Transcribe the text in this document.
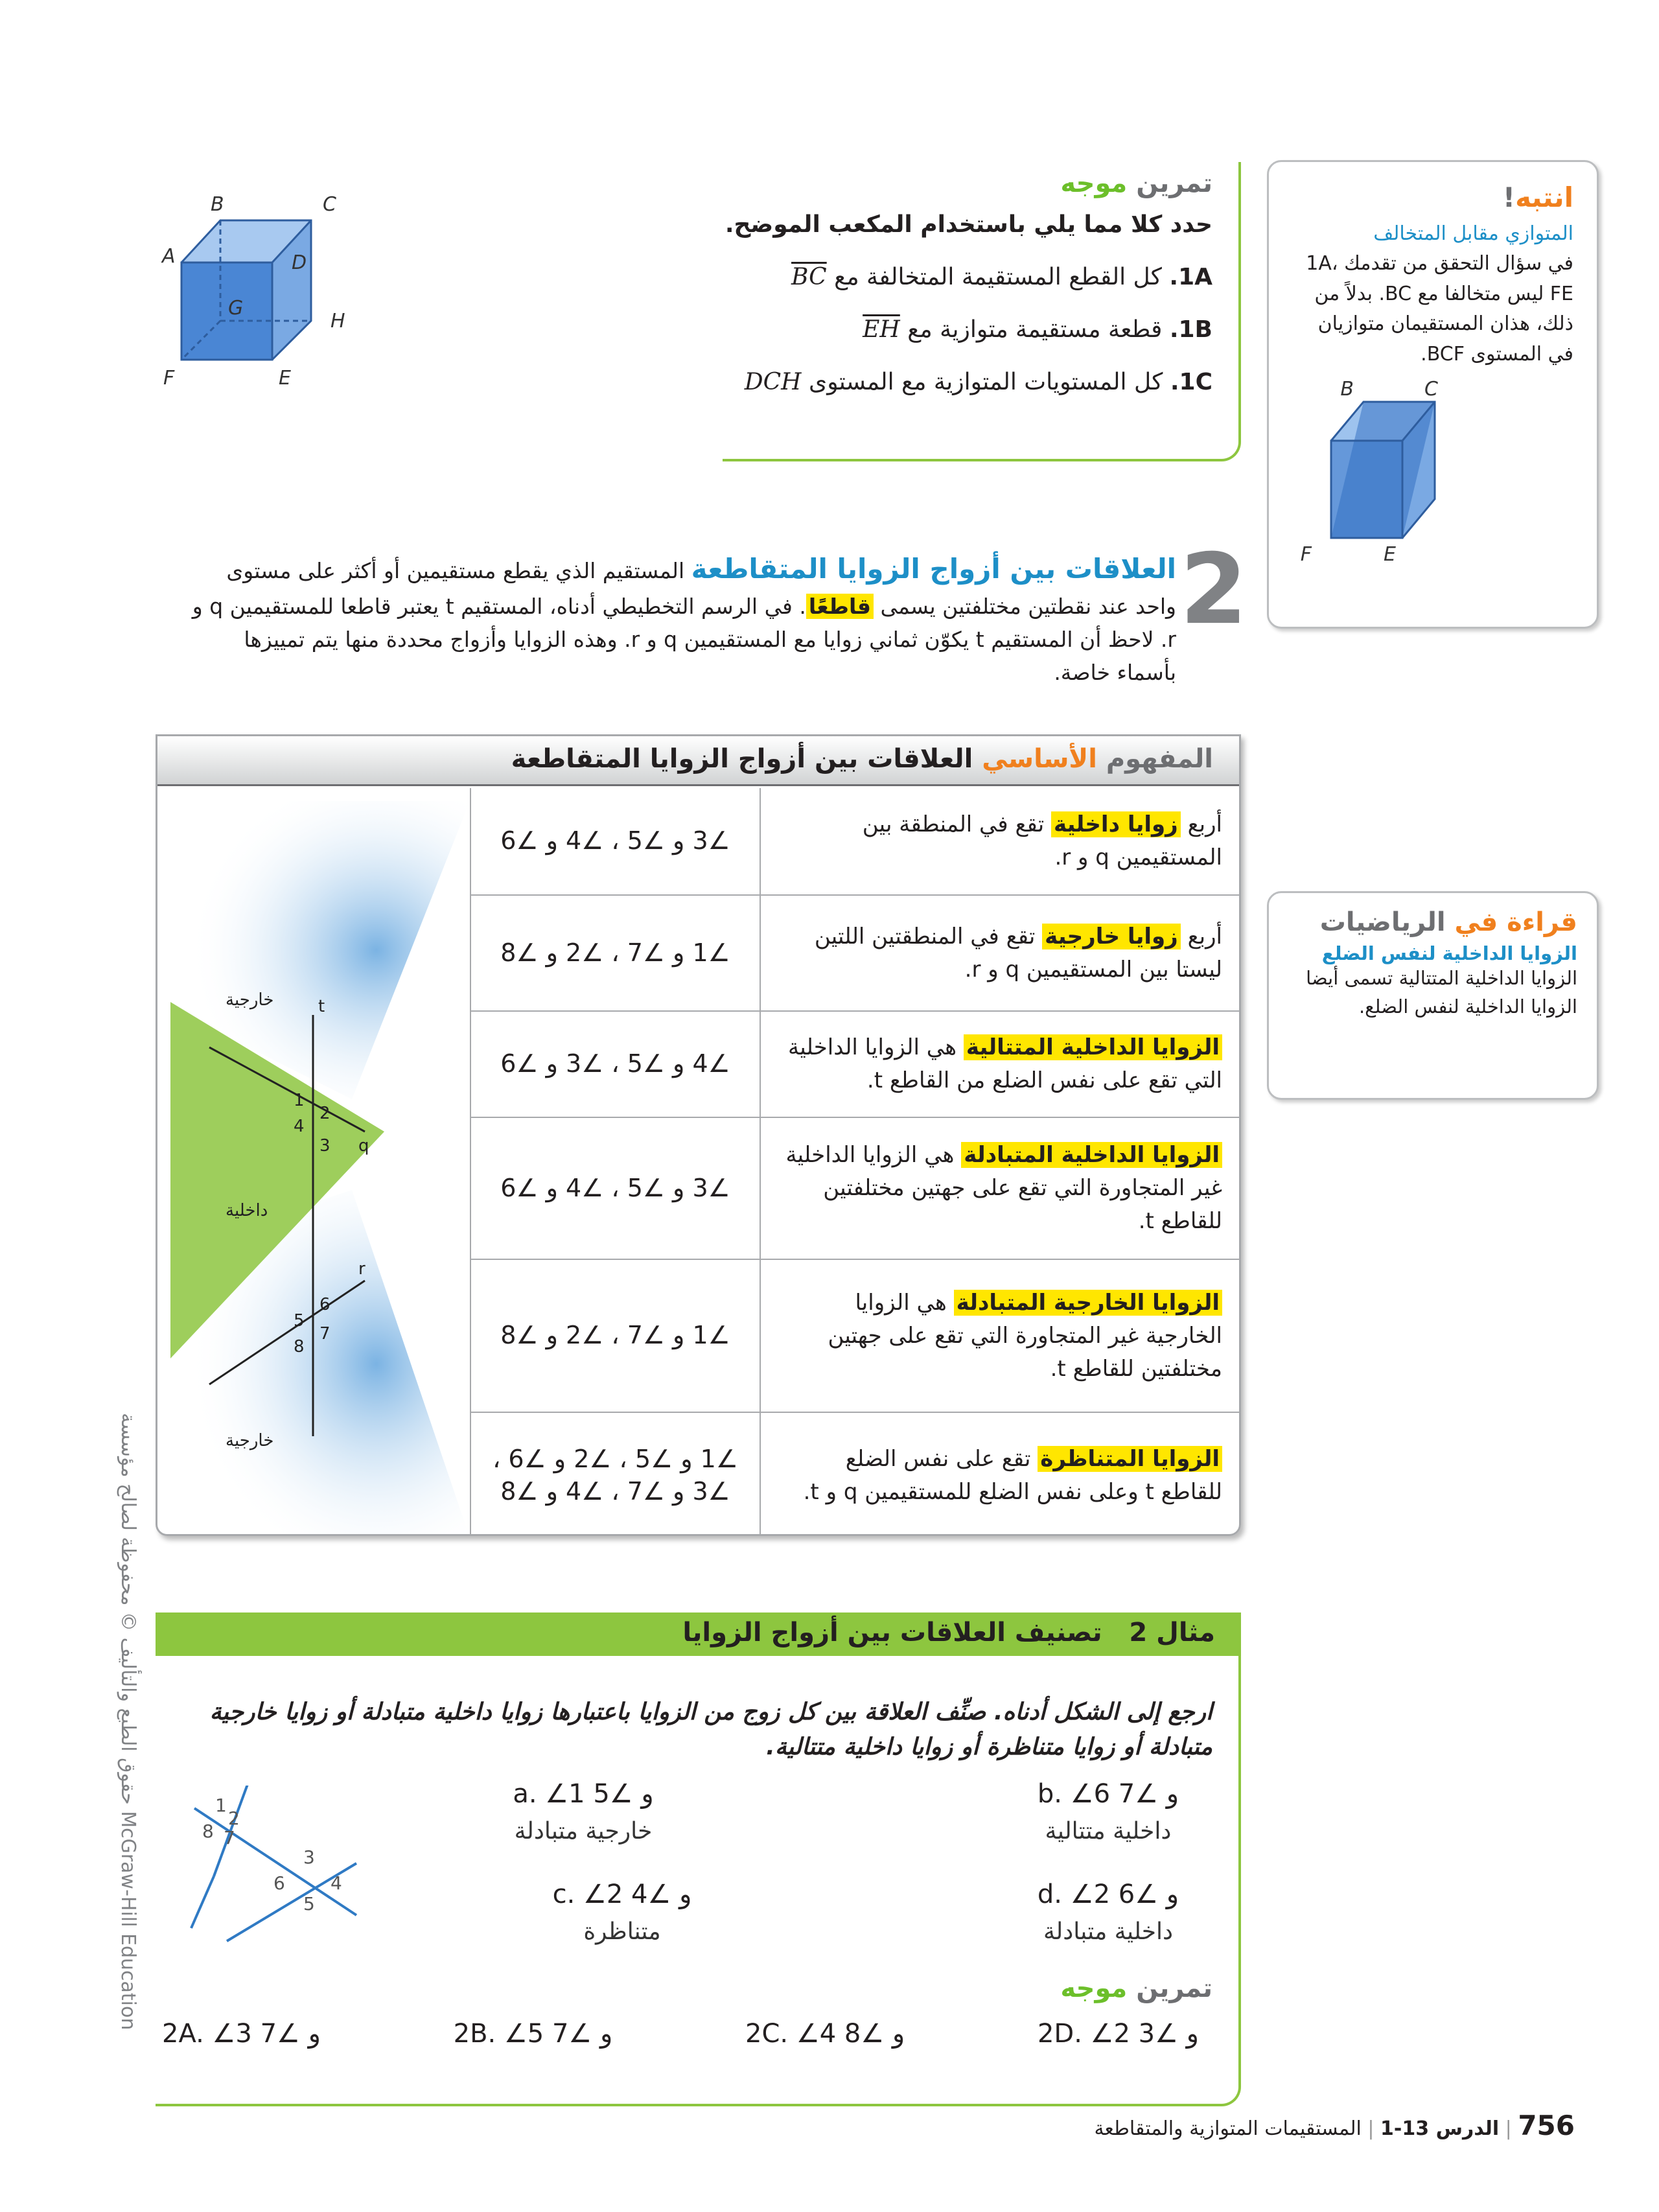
A
B	C
D
E
F
G
H
تمرين موجه
حدد كلا مما يلي باستخدام المكعب الموضح.
1A. كل القطع المستقيمة المتخالفة مع BC
1B. قطعة مستقيمة متوازية مع EH
1C. كل المستويات المتوازية مع المستوى DCH
انتبه!
المتوازي مقابل المتخالف
في سؤال التحقق من تقدمك 1A، FE ليس متخالفا مع BC. بدلاً من ذلك، هذان المستقيمان متوازيان في المستوى BCF.
B	C
F	E
2
العلاقات بين أزواج الزوايا المتقاطعة المستقيم الذي يقطع مستقيمين أو أكثر على مستوى واحد عند نقطتين مختلفتين يسمى قاطعًا. في الرسم التخطيطي أدناه، المستقيم t يعتبر قاطعا للمستقيمين q و r. لاحظ أن المستقيم t يكوّن ثماني زوايا مع المستقيمين q و r. وهذه الزوايا وأزواج محددة منها يتم تمييزها بأسماء خاصة.
المفهوم الأساسي العلاقات بين أزواج الزوايا المتقاطعة
t
q
r
1
2
3
4
5
6
7
8
خارجية
داخلية
خارجية
∠3 و ∠5 ، ∠4 و ∠6
أربع زوايا داخلية تقع في المنطقة بين المستقيمين q و r.
∠1 و ∠7 ، ∠2 و ∠8
أربع زوايا خارجية تقع في المنطقتين اللتين ليستا بين المستقيمين q و r.
∠4 و ∠5 ، ∠3 و ∠6
الزوايا الداخلية المتتالية هي الزوايا الداخلية التي تقع على نفس الضلع من القاطع t.
∠3 و ∠5 ، ∠4 و ∠6
الزوايا الداخلية المتبادلة هي الزوايا الداخلية غير المتجاورة التي تقع على جهتين مختلفتين للقاطع t.
∠1 و ∠7 ، ∠2 و ∠8
الزوايا الخارجية المتبادلة هي الزوايا الخارجية غير المتجاورة التي تقع على جهتين مختلفتين للقاطع t.
∠1 و ∠5 ، ∠2 و ∠6 ، ∠3 و ∠7 ، ∠4 و ∠8
الزوايا المتناظرة تقع على نفس الضلع للقاطع t وعلى نفس الضلع للمستقيمين q و t.
قراءة في الرياضيات
الزوايا الداخلية لنفس الضلع
الزوايا الداخلية المتتالية تسمى أيضا الزوايا الداخلية لنفس الضلع.
مثال 2   تصنيف العلاقات بين أزواج الزوايا
ارجع إلى الشكل أدناه. صنِّف العلاقة بين كل زوج من الزوايا باعتبارها زوايا داخلية متبادلة أو زوايا خارجية متبادلة أو زوايا متناظرة أو زوايا داخلية متتالية.
1
2
3
4
5
6
7
8
a. ∠1 و ∠5
خارجية متبادلة
b. ∠6 و ∠7
داخلية متتالية
c. ∠2 و ∠4
متناظرة
d. ∠2 و ∠6
داخلية متبادلة
تمرين موجه
2A. ∠3 و ∠7	2B. ∠5 و ∠7	2C. ∠4 و ∠8	2D. ∠2 و ∠3
حقوق الطبع والتأليف © محفوظة لصالح مؤسسة McGraw-Hill Education
756 | الدرس 13-1 | المستقيمات المتوازية والمتقاطعة
